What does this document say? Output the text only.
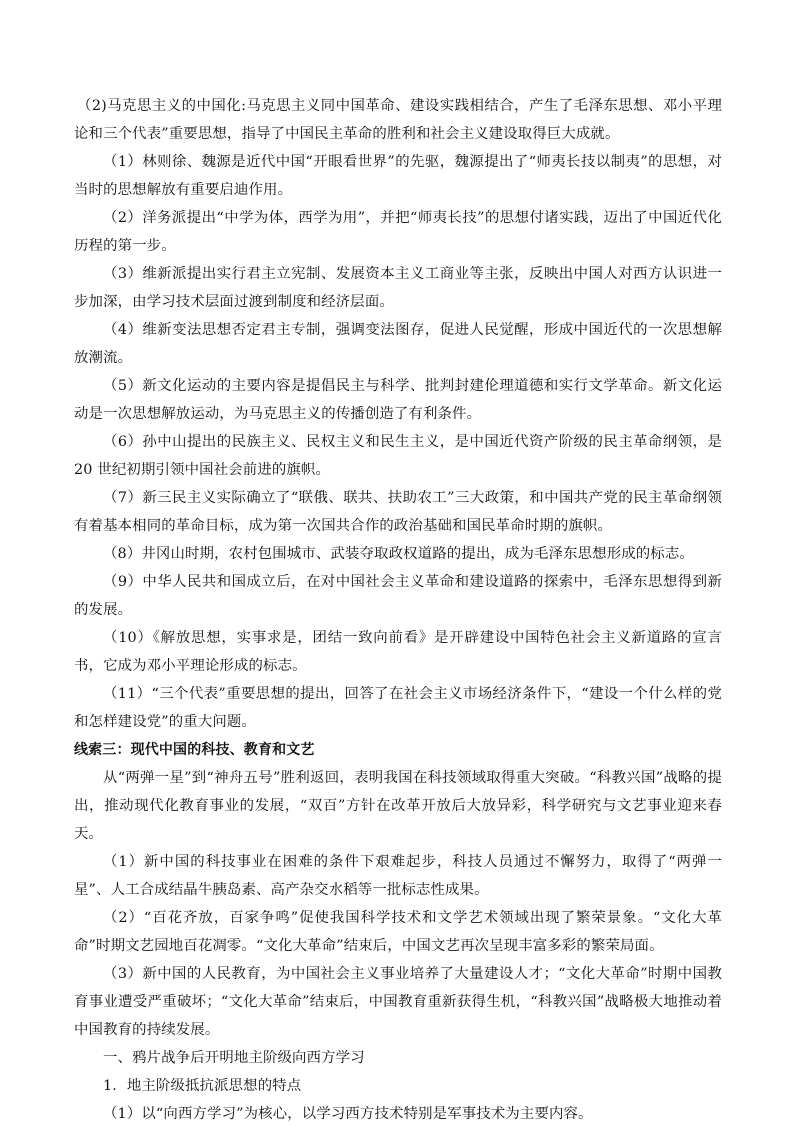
（2)马克思主义的中国化:马克思主义同中国革命、建设实践相结合，产生了毛泽东思想、邓小平理论和三个代表”重要思想，指导了中国民主革命的胜利和社会主义建设取得巨大成就。

（1）林则徐、魏源是近代中国“开眼看世界”的先驱，魏源提出了“师夷长技以制夷”的思想，对当时的思想解放有重要启迪作用。

（2）洋务派提出“中学为体，西学为用”，并把“师夷长技”的思想付诸实践，迈出了中国近代化历程的第一步。

（3）维新派提出实行君主立宪制、发展资本主义工商业等主张，反映出中国人对西方认识进一步加深，由学习技术层面过渡到制度和经济层面。

（4）维新变法思想否定君主专制，强调变法图存，促进人民觉醒，形成中国近代的一次思想解放潮流。

（5）新文化运动的主要内容是提倡民主与科学、批判封建伦理道德和实行文学革命。新文化运动是一次思想解放运动，为马克思主义的传播创造了有利条件。

（6）孙中山提出的民族主义、民权主义和民生主义，是中国近代资产阶级的民主革命纲领，是 20 世纪初期引领中国社会前进的旗帜。

（7）新三民主义实际确立了“联俄、联共、扶助农工”三大政策，和中国共产党的民主革命纲领有着基本相同的革命目标，成为第一次国共合作的政治基础和国民革命时期的旗帜。

（8）井冈山时期，农村包围城市、武装夺取政权道路的提出，成为毛泽东思想形成的标志。

（9）中华人民共和国成立后，在对中国社会主义革命和建设道路的探索中，毛泽东思想得到新的发展。

（10）《解放思想，实事求是，团结一致向前看》是开辟建设中国特色社会主义新道路的宣言书，它成为邓小平理论形成的标志。

（11）“三个代表”重要思想的提出，回答了在社会主义市场经济条件下，“建设一个什么样的党和怎样建设党”的重大问题。

线索三：现代中国的科技、教育和文艺

从“两弹一星”到“神舟五号”胜利返回，表明我国在科技领域取得重大突破。“科教兴国”战略的提出，推动现代化教育事业的发展，“双百”方针在改革开放后大放异彩，科学研究与文艺事业迎来春天。

（1）新中国的科技事业在困难的条件下艰难起步，科技人员通过不懈努力，取得了“两弹一星”、人工合成结晶牛胰岛素、高产杂交水稻等一批标志性成果。

（2）“百花齐放，百家争鸣”促使我国科学技术和文学艺术领域出现了繁荣景象。“文化大革命”时期文艺园地百花凋零。“文化大革命”结束后，中国文艺再次呈现丰富多彩的繁荣局面。

（3）新中国的人民教育，为中国社会主义事业培养了大量建设人才；“文化大革命”时期中国教育事业遭受严重破坏；“文化大革命”结束后，中国教育重新获得生机，“科教兴国”战略极大地推动着中国教育的持续发展。

一、鸦片战争后开明地主阶级向西方学习

1．地主阶级抵抗派思想的特点

（1）以“向西方学习”为核心，以学习西方技术特别是军事技术为主要内容。
